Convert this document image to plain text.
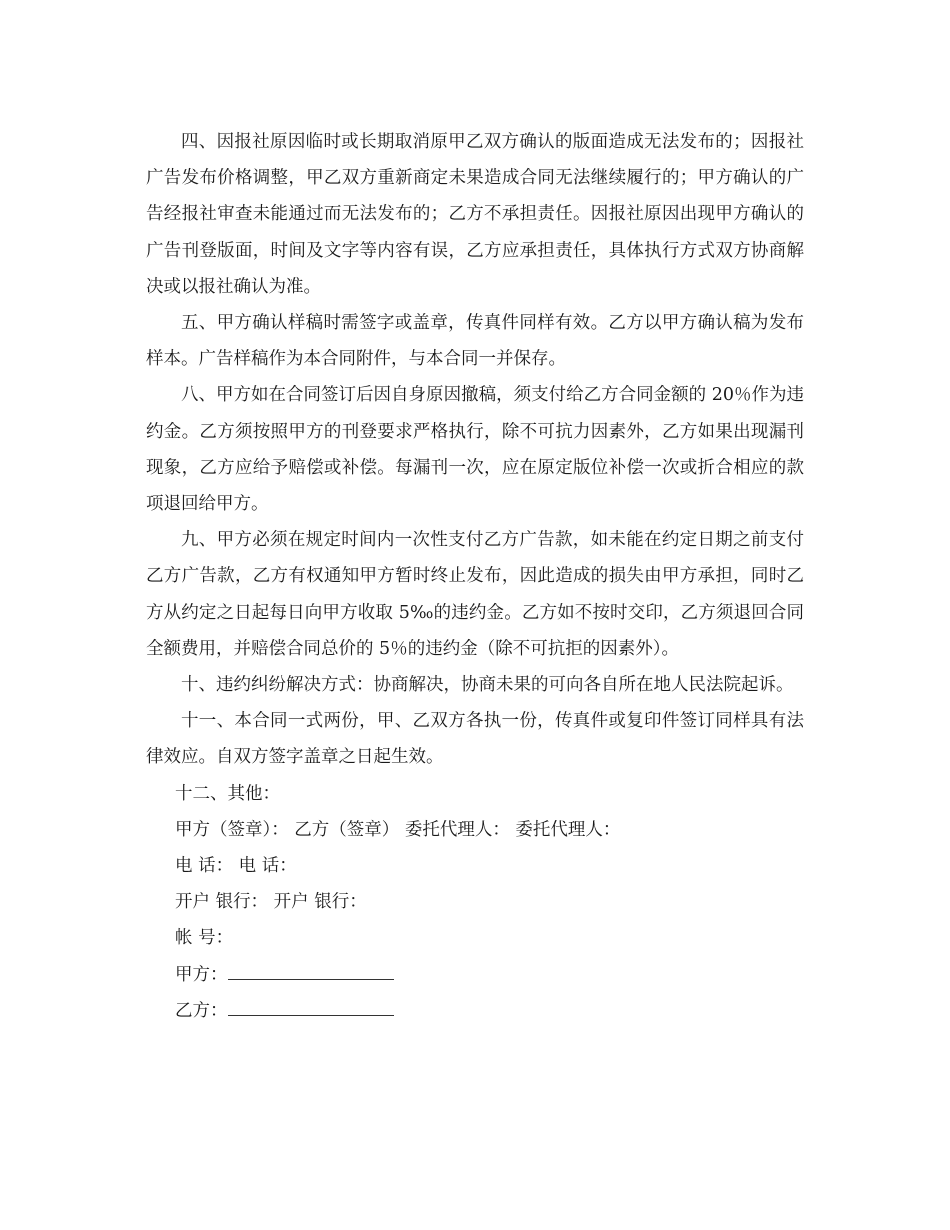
四、因报社原因临时或长期取消原甲乙双方确认的版面造成无法发布的；因报社广告发布价格调整，甲乙双方重新商定未果造成合同无法继续履行的；甲方确认的广告经报社审查未能通过而无法发布的；乙方不承担责任。因报社原因出现甲方确认的广告刊登版面，时间及文字等内容有误，乙方应承担责任，具体执行方式双方协商解决或以报社确认为准。

五、甲方确认样稿时需签字或盖章，传真件同样有效。乙方以甲方确认稿为发布样本。广告样稿作为本合同附件，与本合同一并保存。

八、甲方如在合同签订后因自身原因撤稿，须支付给乙方合同金额的 20％作为违约金。乙方须按照甲方的刊登要求严格执行，除不可抗力因素外，乙方如果出现漏刊现象，乙方应给予赔偿或补偿。每漏刊一次，应在原定版位补偿一次或折合相应的款项退回给甲方。

九、甲方必须在规定时间内一次性支付乙方广告款，如未能在约定日期之前支付乙方广告款，乙方有权通知甲方暂时终止发布，因此造成的损失由甲方承担，同时乙方从约定之日起每日向甲方收取 5‰的违约金。乙方如不按时交印，乙方须退回合同全额费用，并赔偿合同总价的 5％的违约金（除不可抗拒的因素外）。

十、违约纠纷解决方式：协商解决，协商未果的可向各自所在地人民法院起诉。

十一、本合同一式两份，甲、乙双方各执一份，传真件或复印件签订同样具有法律效应。自双方签字盖章之日起生效。

十二、其他：

甲方（签章）： 乙方（签章） 委托代理人： 委托代理人：

电 话： 电 话：

开户 银行： 开户 银行：

帐 号：

甲方：

乙方：
